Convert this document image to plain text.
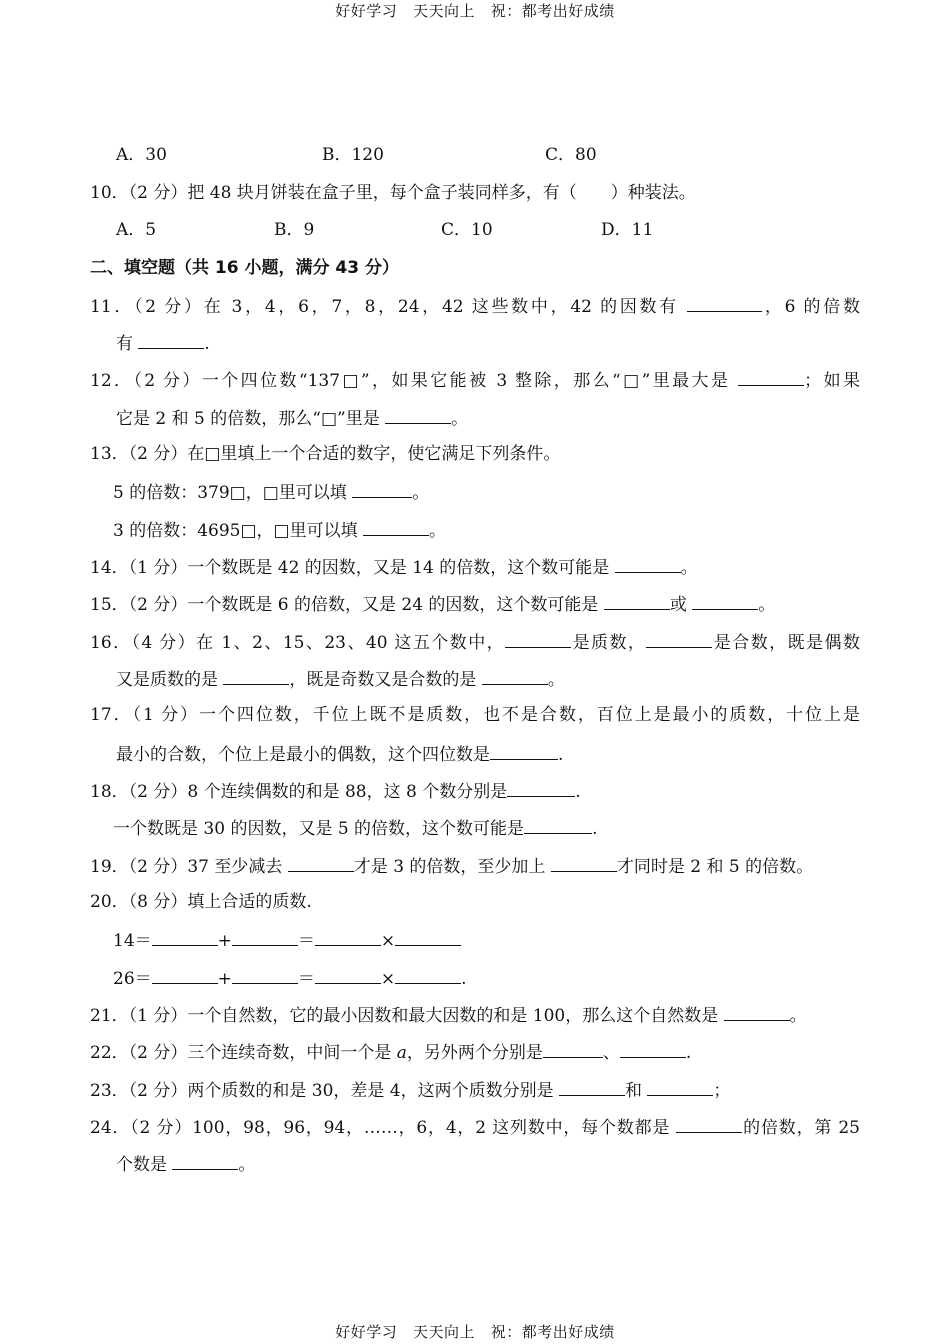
好好学习   天天向上   祝：都考出好成绩
A．30	B．120	C．80
10．（2 分）把 48 块月饼装在盒子里，每个盒子装同样多，有（　　）种装法。
A．5	B．9	C．10	D．11
二、填空题（共 16 小题，满分 43 分）
11．（2 分）在 3，4，6，7，8，24，42 这些数中，42 的因数有	，6 的倍数
有	.
12．（2 分）一个四位数“137□”，如果它能被 3 整除，那么“□”里最大是	；如果
它是 2 和 5 的倍数，那么“□”里是	。
13．（2 分）在□里填上一个合适的数字，使它满足下列条件。
5 的倍数：379□，□里可以填	。
3 的倍数：4695□，□里可以填	。
14．（1 分）一个数既是 42 的因数，又是 14 的倍数，这个数可能是	。
15．（2 分）一个数既是 6 的倍数，又是 24 的因数，这个数可能是	或	。
16．（4 分）在 1、2、15、23、40 这五个数中，	是质数，	是合数，既是偶数
又是质数的是	，既是奇数又是合数的是	。
17．（1 分）一个四位数，千位上既不是质数，也不是合数，百位上是最小的质数，十位上是
最小的合数，个位上是最小的偶数，这个四位数是	.
18．（2 分）8 个连续偶数的和是 88，这 8 个数分别是	.
一个数既是 30 的因数，又是 5 的倍数，这个数可能是	.
19．（2 分）37 至少减去	才是 3 的倍数，至少加上	才同时是 2 和 5 的倍数。
20．（8 分）填上合适的质数.
14＝	+	＝	×
26＝	+	＝	×	.
21．（1 分）一个自然数，它的最小因数和最大因数的和是 100，那么这个自然数是	。
22．（2 分）三个连续奇数，中间一个是 a，另外两个分别是	、	.
23．（2 分）两个质数的和是 30，差是 4，这两个质数分别是	和	；
24．（2 分）100，98，96，94，……，6，4，2 这列数中，每个数都是	的倍数，第 25
个数是	。
好好学习   天天向上   祝：都考出好成绩
